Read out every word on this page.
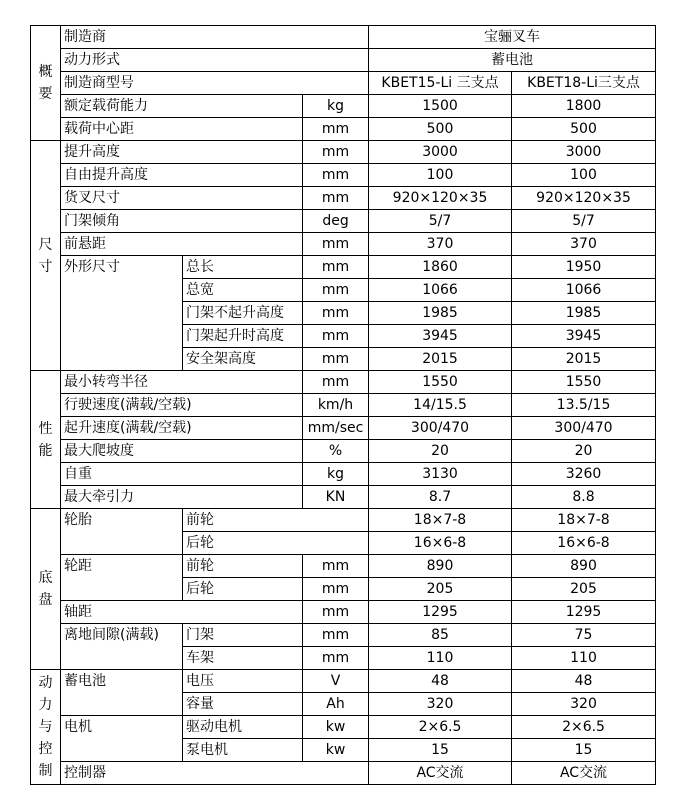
概
要	制造商			宝骊叉车	
	动力形式			蓄电池	
	制造商型号			KBET15-Li 三支点	KBET18-Li三支点
	额定载荷能力		kg	1500	1800
	载荷中心距		mm	500	500

尺
寸	提升高度		mm	3000	3000
	自由提升高度		mm	100	100
	货叉尺寸		mm	920×120×35	920×120×35
	门架倾角		deg	5/7	5/7
	前悬距		mm	370	370
	外形尺寸	总长	mm	1860	1950
		总宽	mm	1066	1066
		门架不起升高度	mm	1985	1985
		门架起升时高度	mm	3945	3945
		安全架高度	mm	2015	2015

性
能	最小转弯半径		mm	1550	1550
	行驶速度(满载/空载)		km/h	14/15.5	13.5/15
	起升速度(满载/空载)		mm/sec	300/470	300/470
	最大爬坡度		%	20	20
	自重		kg	3130	3260
	最大牵引力		KN	8.7	8.8

底
盘	轮胎	前轮		18×7-8	18×7-8
		后轮		16×6-8	16×6-8
	轮距	前轮	mm	890	890
		后轮	mm	205	205
	轴距		mm	1295	1295
	离地间隙(满载)	门架	mm	85	75
		车架	mm	110	110

动
力
与
控
制	蓄电池	电压	V	48	48
		容量	Ah	320	320
	电机	驱动电机	kw	2×6.5	2×6.5
		泵电机	kw	15	15
	控制器			AC交流	AC交流
